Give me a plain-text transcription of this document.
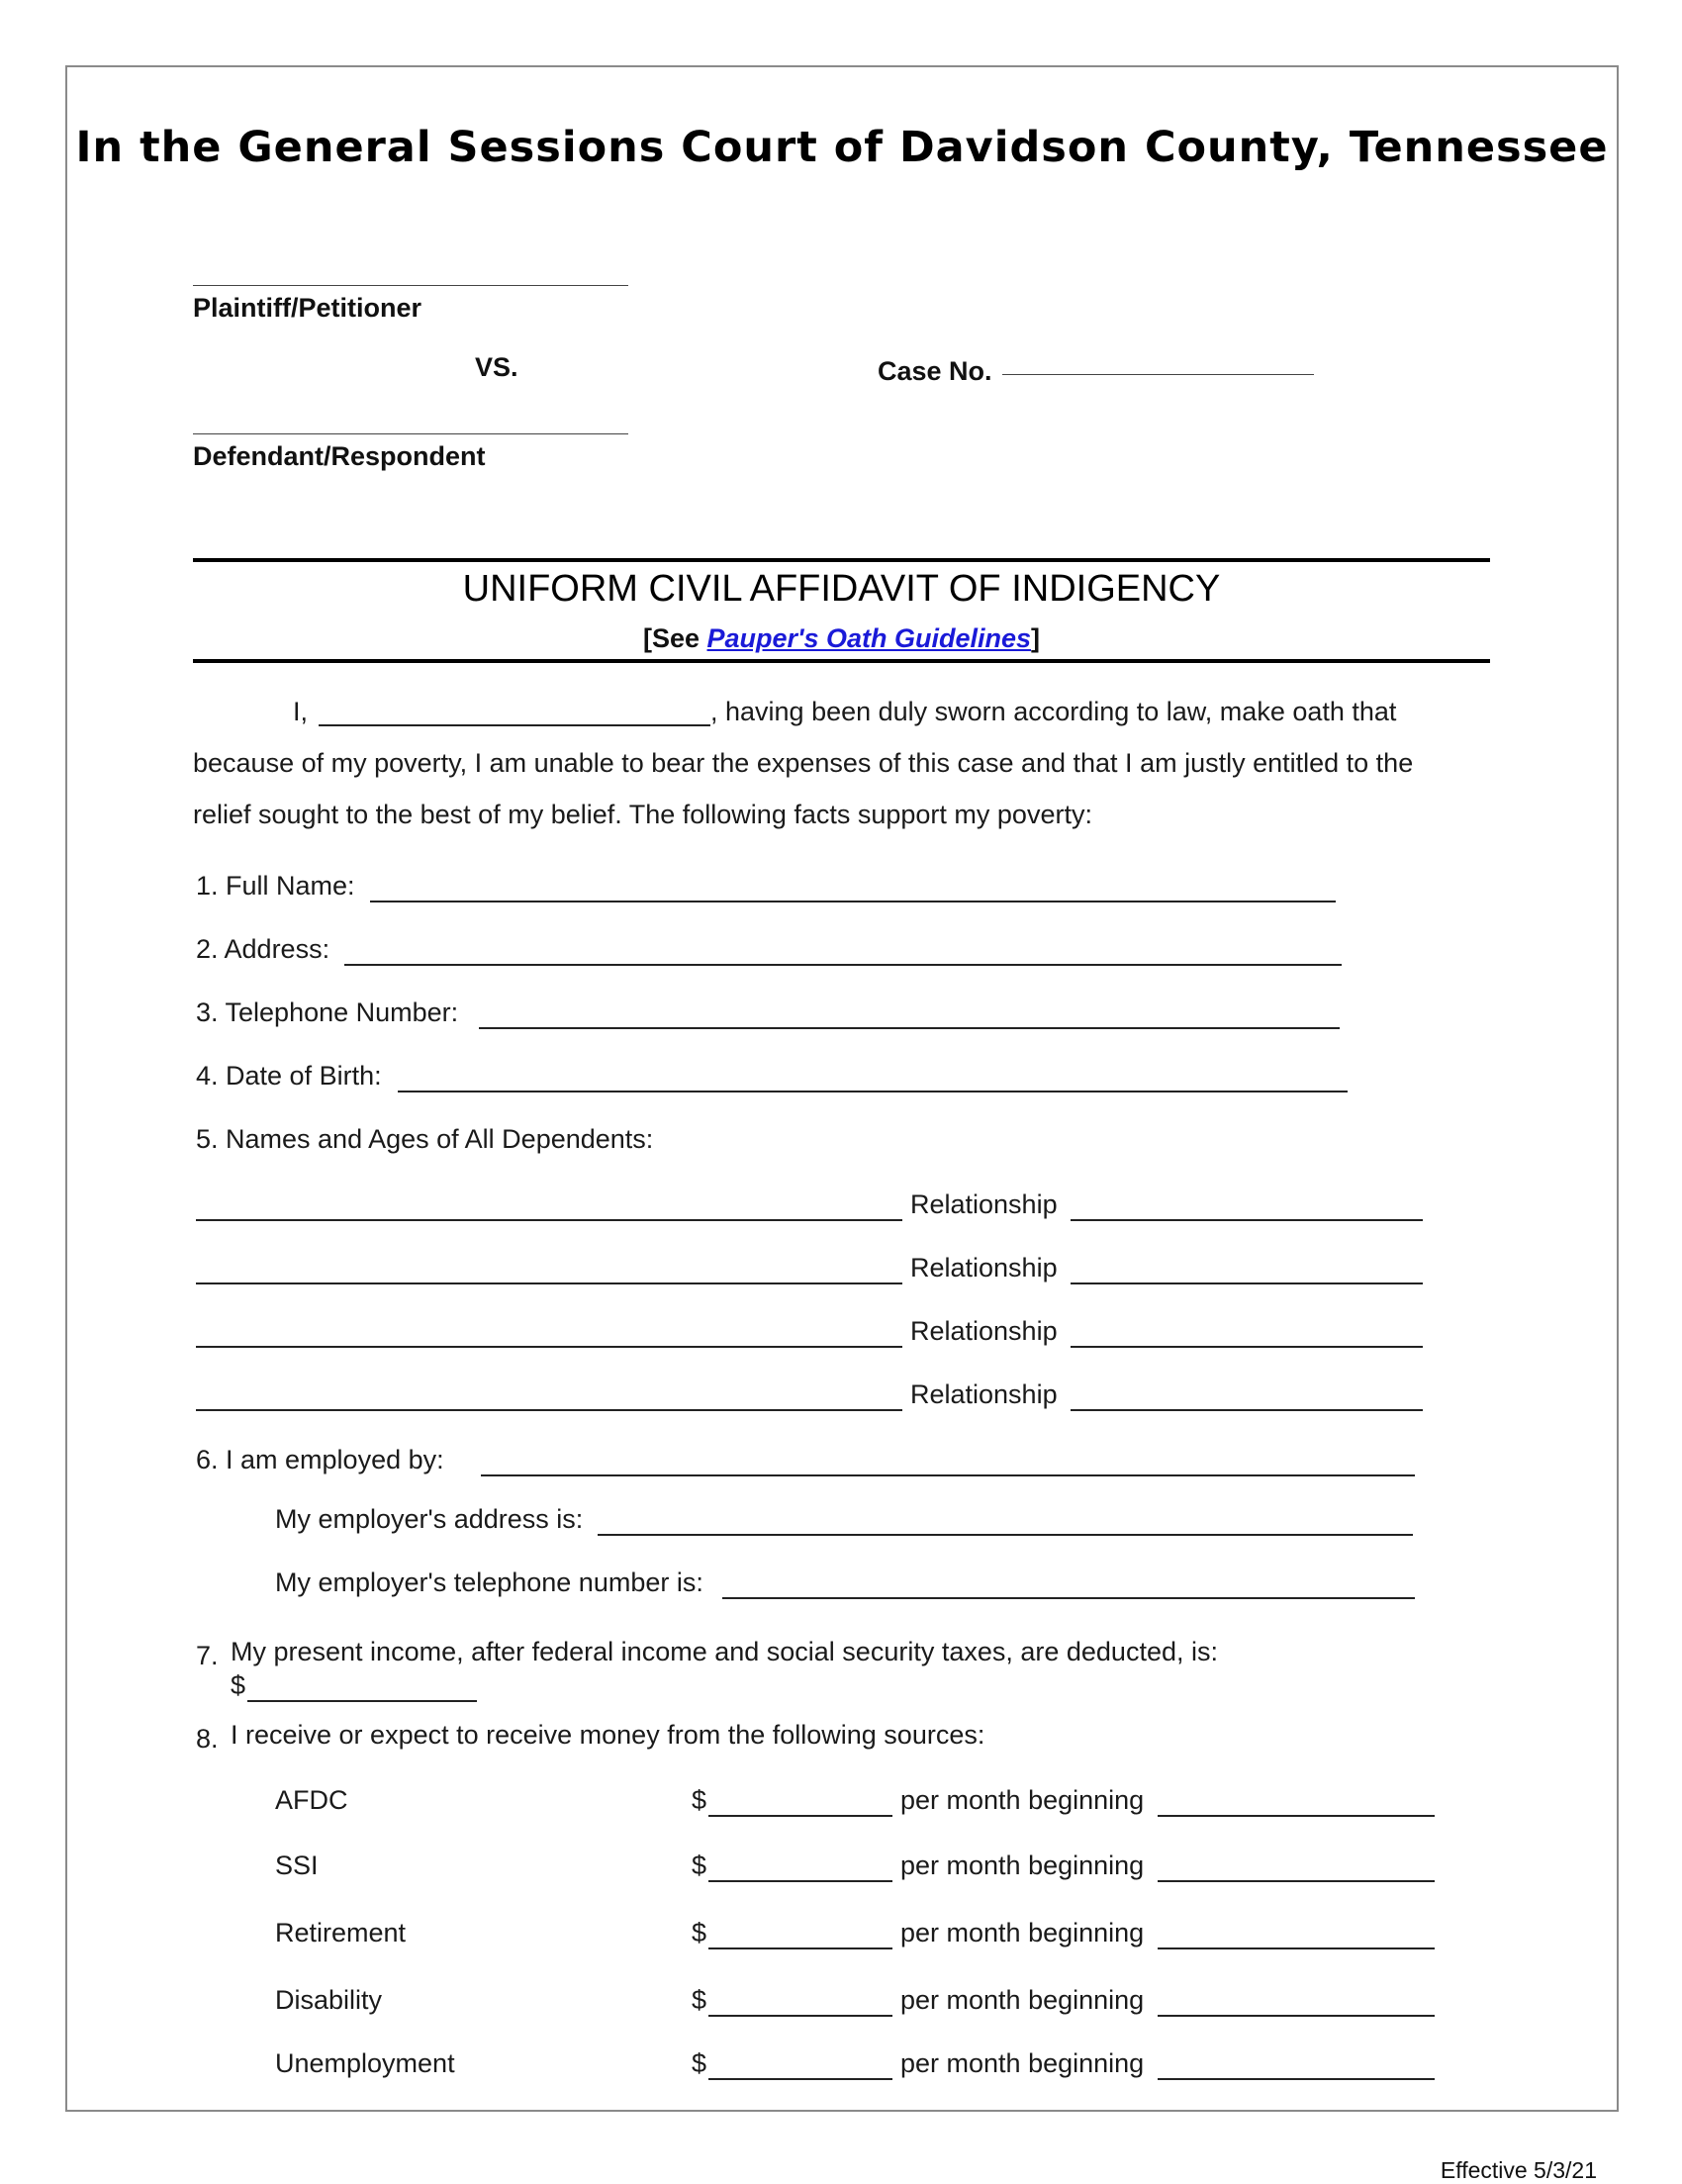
In the General Sessions Court of Davidson County, Tennessee
Plaintiff/Petitioner
VS.	Case No.
Defendant/Respondent
UNIFORM CIVIL AFFIDAVIT OF INDIGENCY
[See Pauper's Oath Guidelines]
I,	, having been duly sworn according to law, make oath that
because of my poverty, I am unable to bear the expenses of this case and that I am justly entitled to the
relief sought to the best of my belief. The following facts support my poverty:
1. Full Name:
2. Address:
3. Telephone Number:
4. Date of Birth:
5. Names and Ages of All Dependents:
Relationship
Relationship
Relationship
Relationship
6. I am employed by:
My employer's address is:
My employer's telephone number is:
7. My present income, after federal income and social security taxes, are deducted, is:
$
8. I receive or expect to receive money from the following sources:
AFDC	$	per month beginning
SSI	$	per month beginning
Retirement	$	per month beginning
Disability	$	per month beginning
Unemployment	$	per month beginning
Effective 5/3/21
